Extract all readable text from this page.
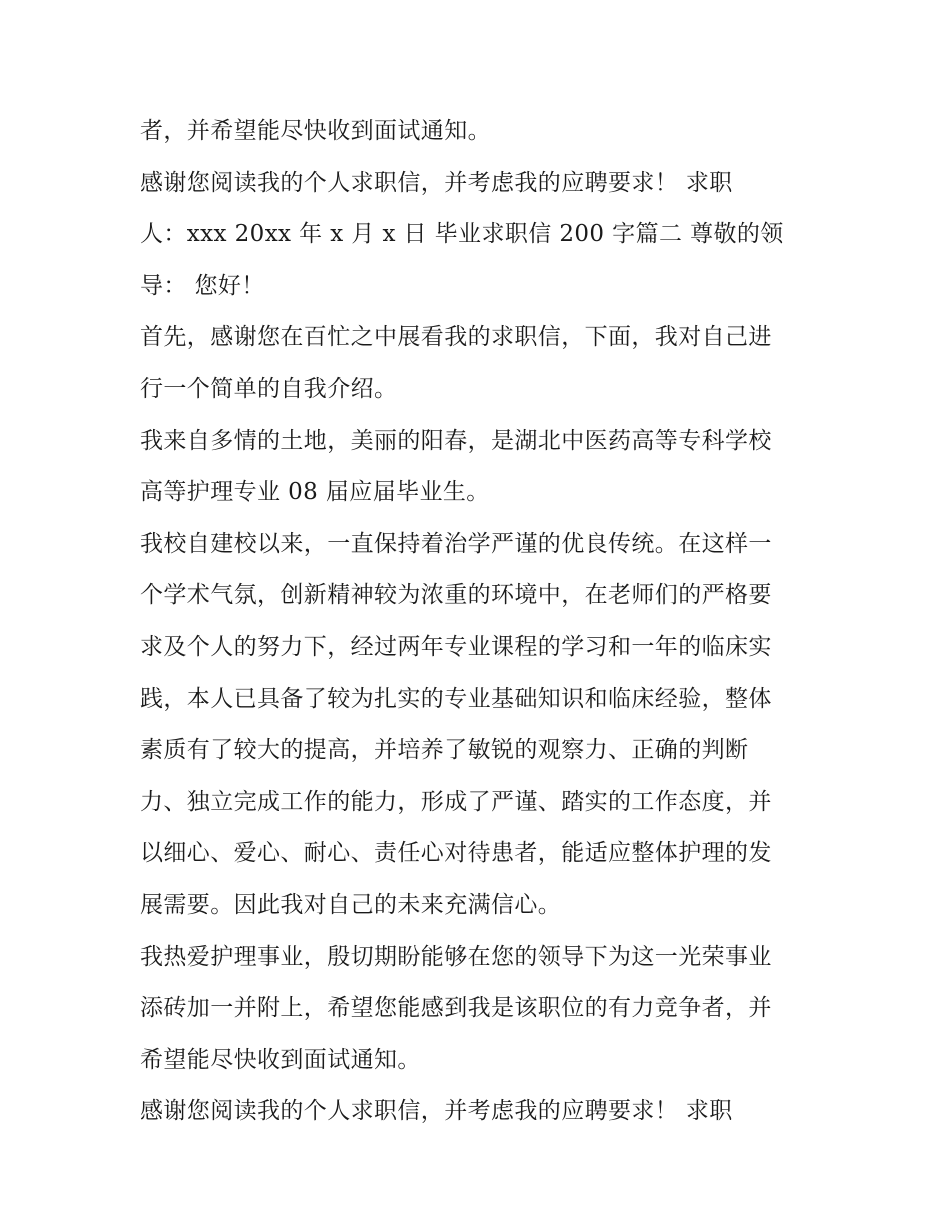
者，并希望能尽快收到面试通知。
感谢您阅读我的个人求职信，并考虑我的应聘要求！ 求职
人：xxx 20xx 年 x 月 x 日 毕业求职信 200 字篇二 尊敬的领
导： 您好！
首先，感谢您在百忙之中展看我的求职信，下面，我对自己进
行一个简单的自我介绍。
我来自多情的土地，美丽的阳春，是湖北中医药高等专科学校
高等护理专业 08 届应届毕业生。
我校自建校以来，一直保持着治学严谨的优良传统。在这样一
个学术气氛，创新精神较为浓重的环境中，在老师们的严格要
求及个人的努力下，经过两年专业课程的学习和一年的临床实
践，本人已具备了较为扎实的专业基础知识和临床经验，整体
素质有了较大的提高，并培养了敏锐的观察力、正确的判断
力、独立完成工作的能力，形成了严谨、踏实的工作态度，并
以细心、爱心、耐心、责任心对待患者，能适应整体护理的发
展需要。因此我对自己的未来充满信心。
我热爱护理事业，殷切期盼能够在您的领导下为这一光荣事业
添砖加一并附上，希望您能感到我是该职位的有力竞争者，并
希望能尽快收到面试通知。
感谢您阅读我的个人求职信，并考虑我的应聘要求！ 求职
